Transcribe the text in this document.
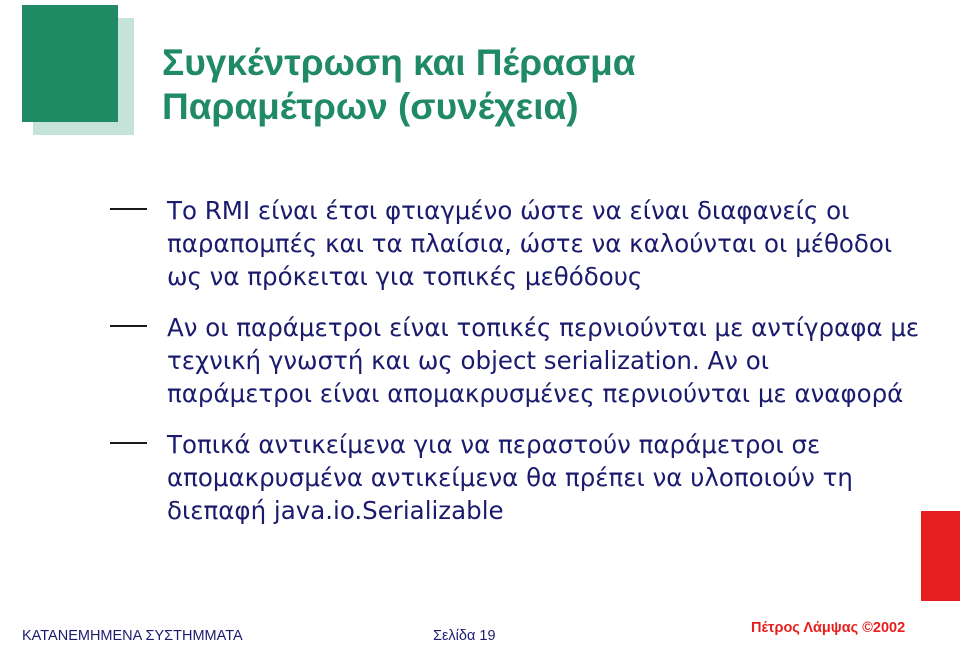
Συγκέντρωση και Πέρασμα
Παραμέτρων (συνέχεια)
Το RMI είναι έτσι φτιαγμένο ώστε να είναι διαφανείς οι παραπομπές και τα πλαίσια, ώστε να καλούνται οι μέθοδοι ως να πρόκειται για τοπικές μεθόδους
Αν οι παράμετροι είναι τοπικές περνιούνται με αντίγραφα με τεχνική γνωστή και ως object serialization. Αν οι παράμετροι είναι απομακρυσμένες περνιούνται με αναφορά
Τοπικά αντικείμενα για να περαστούν παράμετροι σε απομακρυσμένα αντικείμενα θα πρέπει να υλοποιούν τη διεπαφή java.io.Serializable
ΚΑΤΑΝΕΜΗΜΕΝΑ ΣΥΣΤΗΜΜΑΤΑ	Σελίδα 19	Πέτρος Λάμψας ©2002
